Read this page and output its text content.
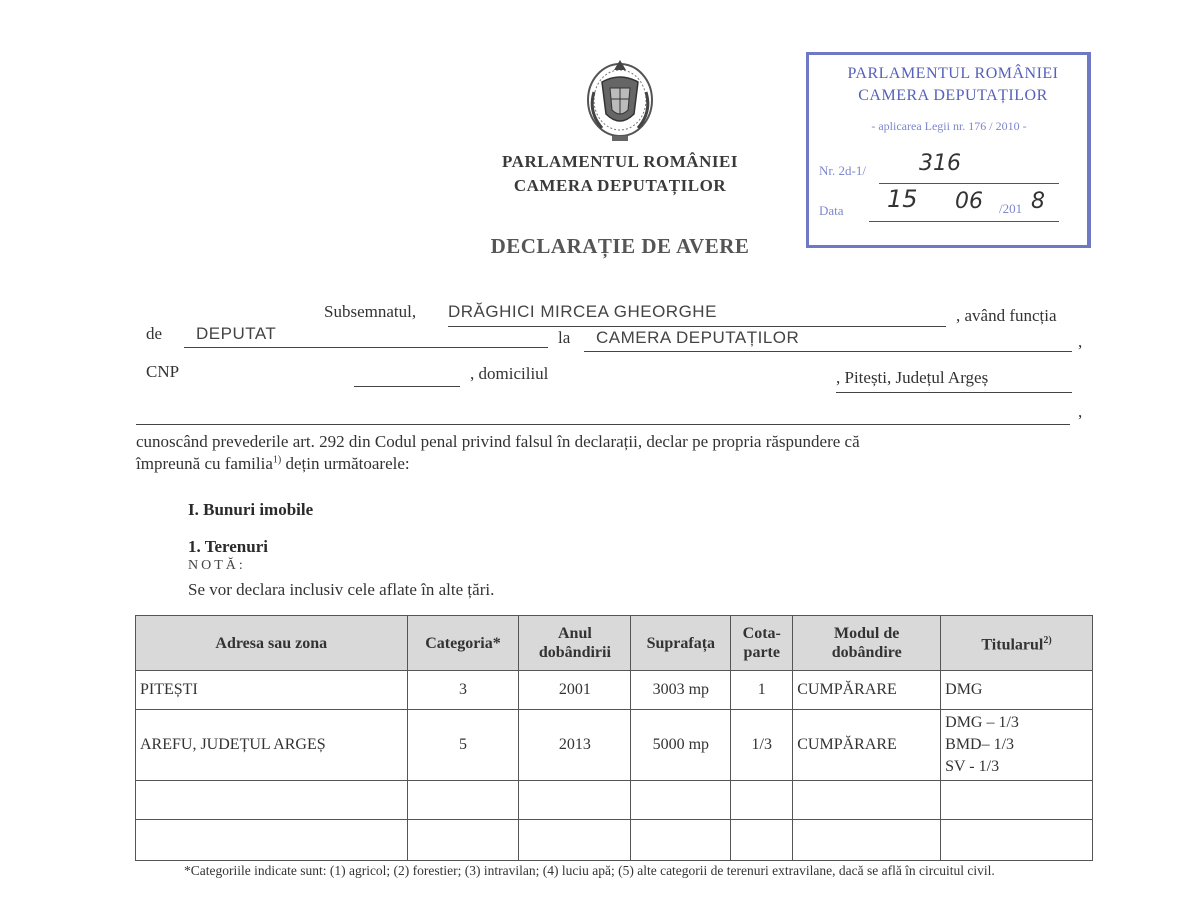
PARLAMENTUL ROMÂNIEI
CAMERA DEPUTAȚILOR
PARLAMENTUL ROMÂNIEI
CAMERA DEPUTAȚILOR
- aplicarea Legii nr. 176 / 2010 -
Nr. 2d-1/ 316
Data 15 06 /201 8
DECLARAȚIE DE AVERE
Subsemnatul, DRĂGHICI MIRCEA GHEORGHE	, având funcția
de	DEPUTAT	la	CAMERA DEPUTAȚILOR	,
CNP	, domiciliul	, Pitești, Județul Argeș
,
cunoscând prevederile art. 292 din Codul penal privind falsul în declarații, declar pe propria răspundere că
împreună cu familia$^{1)}$ dețin următoarele:
I. Bunuri imobile
1. Terenuri
NOTĂ:
Se vor declara inclusiv cele aflate în alte țări.
Adresa sau zona	Categoria*	Anul dobândirii	Suprafața	Cota-parte	Modul de dobândire	Titularul$^{2)}$
PITEȘTI	3	2001	3003 mp	1	CUMPĂRARE	DMG
AREFU, JUDEȚUL ARGEȘ	5	2013	5000 mp	1/3	CUMPĂRARE	DMG – 1/3
BMD– 1/3
SV - 1/3

*Categoriile indicate sunt: (1) agricol; (2) forestier; (3) intravilan; (4) luciu apă; (5) alte categorii de terenuri extravilane, dacă se află în circuitul civil.
